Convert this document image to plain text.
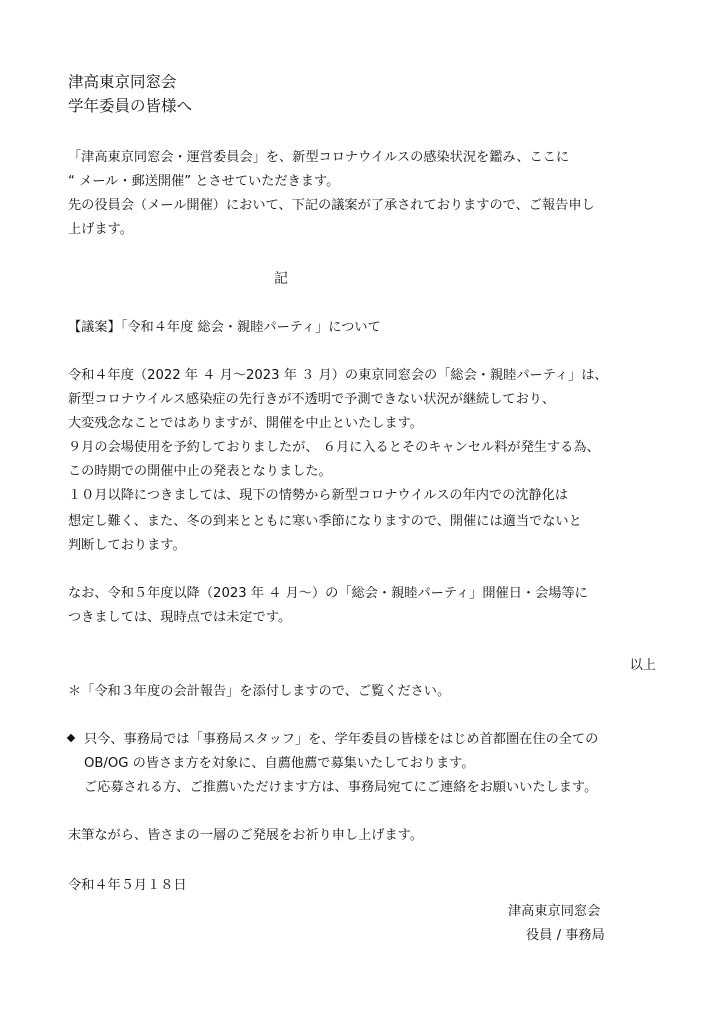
津高東京同窓会
学年委員の皆様へ
「津高東京同窓会・運営委員会」を、新型コロナウイルスの感染状況を鑑み、ここに
“ メール・郵送開催” とさせていただきます。
先の役員会（メール開催）において、下記の議案が了承されておりますので、ご報告申し
上げます。
記
【議案】「令和４年度 総会・親睦パーティ」について
令和４年度（2022 年 ４ 月～2023 年 ３ 月）の東京同窓会の「総会・親睦パーティ」は、
新型コロナウイルス感染症の先行きが不透明で予測できない状況が継続しており、
大変残念なことではありますが、開催を中止といたします。
９月の会場使用を予約しておりましたが、 ６月に入るとそのキャンセル料が発生する為、
この時期での開催中止の発表となりました。
１０月以降につきましては、現下の情勢から新型コロナウイルスの年内での沈静化は
想定し難く、また、冬の到来とともに寒い季節になりますので、開催には適当でないと
判断しております。
なお、令和５年度以降（2023 年 ４ 月～）の「総会・親睦パーティ」開催日・会場等に
つきましては、現時点では未定です。
以上
＊「令和３年度の会計報告」を添付しますので、ご覧ください。
只今、事務局では「事務局スタッフ」を、学年委員の皆様をはじめ首都圏在住の全ての
OB/OG の皆さま方を対象に、自薦他薦で募集いたしております。
ご応募される方、ご推薦いただけます方は、事務局宛てにご連絡をお願いいたします。
末筆ながら、皆さまの一層のご発展をお祈り申し上げます。
令和４年５月１８日
津高東京同窓会
役員 / 事務局
